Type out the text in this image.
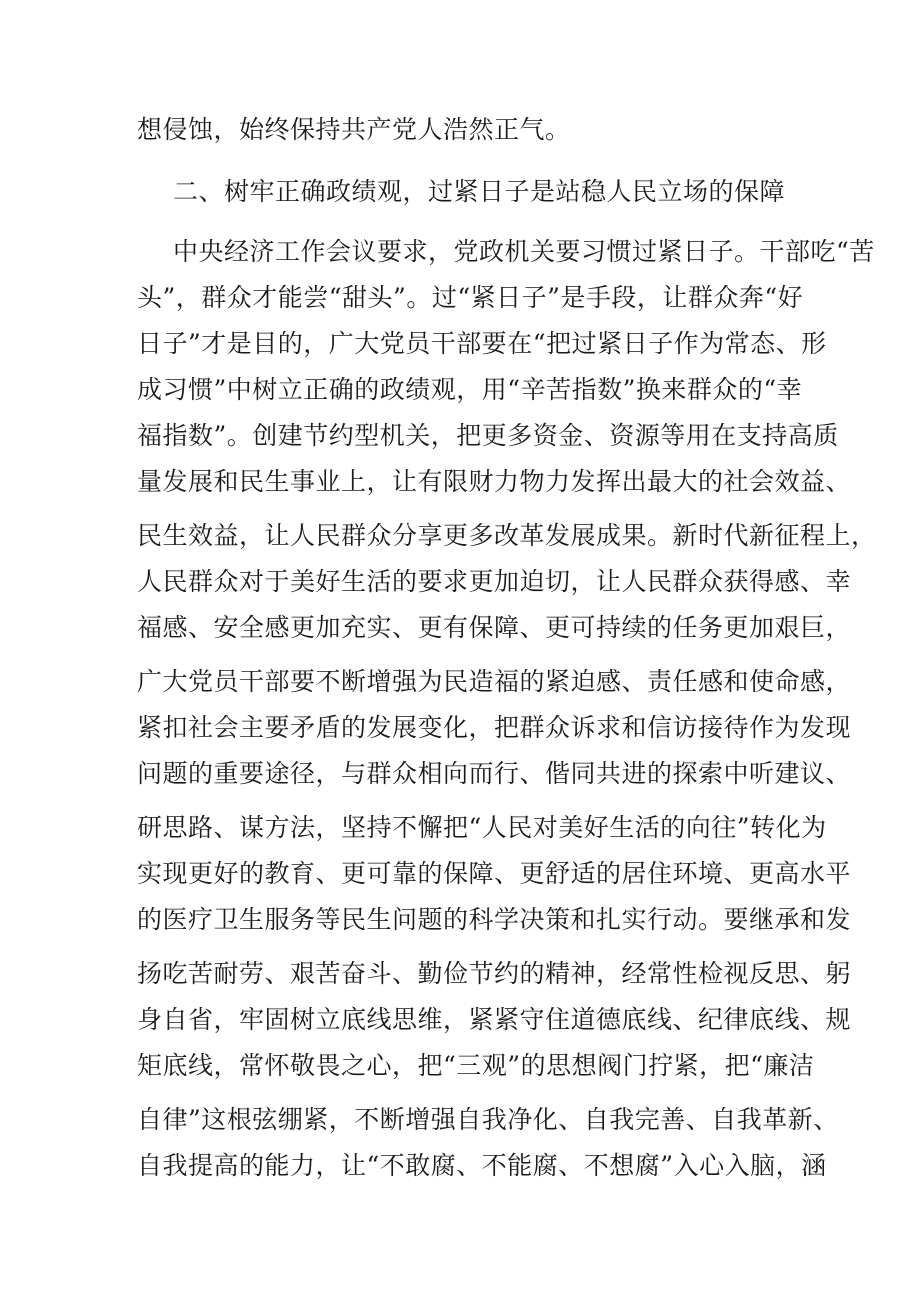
想侵蚀，始终保持共产党人浩然正气。
二、树牢正确政绩观，过紧日子是站稳人民立场的保障
中央经济工作会议要求，党政机关要习惯过紧日子。干部吃“苦
头”，群众才能尝“甜头”。过“紧日子”是手段，让群众奔“好
日子”才是目的，广大党员干部要在“把过紧日子作为常态、形
成习惯”中树立正确的政绩观，用“辛苦指数”换来群众的“幸
福指数”。创建节约型机关，把更多资金、资源等用在支持高质
量发展和民生事业上，让有限财力物力发挥出最大的社会效益、
民生效益，让人民群众分享更多改革发展成果。新时代新征程上，
人民群众对于美好生活的要求更加迫切，让人民群众获得感、幸
福感、安全感更加充实、更有保障、更可持续的任务更加艰巨，
广大党员干部要不断增强为民造福的紧迫感、责任感和使命感，
紧扣社会主要矛盾的发展变化，把群众诉求和信访接待作为发现
问题的重要途径，与群众相向而行、偕同共进的探索中听建议、
研思路、谋方法，坚持不懈把“人民对美好生活的向往”转化为
实现更好的教育、更可靠的保障、更舒适的居住环境、更高水平
的医疗卫生服务等民生问题的科学决策和扎实行动。要继承和发
扬吃苦耐劳、艰苦奋斗、勤俭节约的精神，经常性检视反思、躬
身自省，牢固树立底线思维，紧紧守住道德底线、纪律底线、规
矩底线，常怀敬畏之心，把“三观”的思想阀门拧紧，把“廉洁
自律”这根弦绷紧，不断增强自我净化、自我完善、自我革新、
自我提高的能力，让“不敢腐、不能腐、不想腐”入心入脑，涵
